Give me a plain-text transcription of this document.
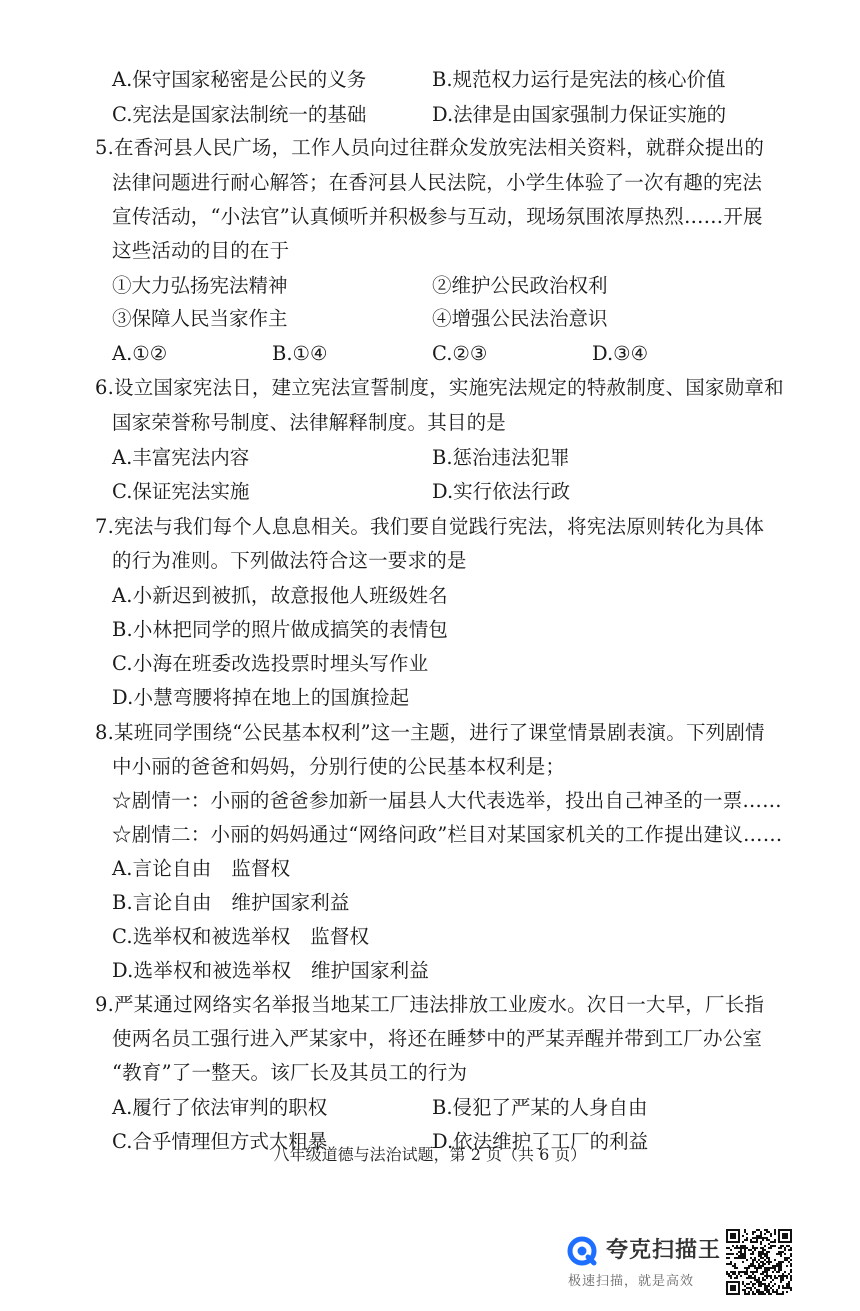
A.保守国家秘密是公民的义务	B.规范权力运行是宪法的核心价值
C.宪法是国家法制统一的基础	D.法律是由国家强制力保证实施的
5.在香河县人民广场，工作人员向过往群众发放宪法相关资料，就群众提出的
法律问题进行耐心解答；在香河县人民法院，小学生体验了一次有趣的宪法
宣传活动，“小法官”认真倾听并积极参与互动，现场氛围浓厚热烈……开展
这些活动的目的在于
①大力弘扬宪法精神	②维护公民政治权利
③保障人民当家作主	④增强公民法治意识
A.①②	B.①④	C.②③	D.③④
6.设立国家宪法日，建立宪法宣誓制度，实施宪法规定的特赦制度、国家勋章和
国家荣誉称号制度、法律解释制度。其目的是
A.丰富宪法内容	B.惩治违法犯罪
C.保证宪法实施	D.实行依法行政
7.宪法与我们每个人息息相关。我们要自觉践行宪法，将宪法原则转化为具体
的行为准则。下列做法符合这一要求的是
A.小新迟到被抓，故意报他人班级姓名
B.小林把同学的照片做成搞笑的表情包
C.小海在班委改选投票时埋头写作业
D.小慧弯腰将掉在地上的国旗捡起
8.某班同学围绕“公民基本权利”这一主题，进行了课堂情景剧表演。下列剧情
中小丽的爸爸和妈妈，分别行使的公民基本权利是；
☆剧情一：小丽的爸爸参加新一届县人大代表选举，投出自己神圣的一票……
☆剧情二：小丽的妈妈通过“网络问政”栏目对某国家机关的工作提出建议……
A.言论自由　监督权
B.言论自由　维护国家利益
C.选举权和被选举权　监督权
D.选举权和被选举权　维护国家利益
9.严某通过网络实名举报当地某工厂违法排放工业废水。次日一大早，厂长指
使两名员工强行进入严某家中，将还在睡梦中的严某弄醒并带到工厂办公室
“教育”了一整天。该厂长及其员工的行为
A.履行了依法审判的职权	B.侵犯了严某的人身自由
C.合乎情理但方式太粗暴	D.依法维护了工厂的利益
八年级道德与法治试题，第 2 页（共 6 页）
夸克扫描王
极速扫描，就是高效
